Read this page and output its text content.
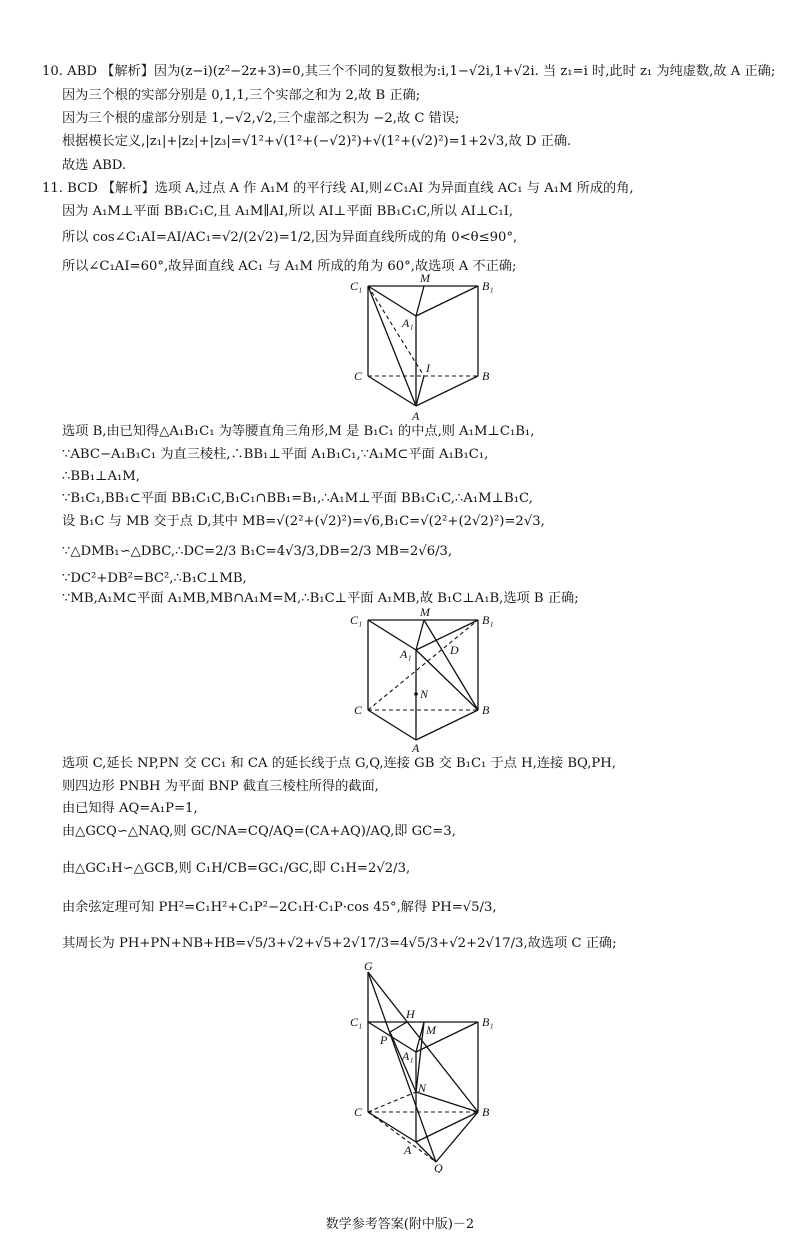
10. ABD 【解析】因为(z−i)(z²−2z+3)=0,其三个不同的复数根为:i,1−√2i,1+√2i. 当 z₁=i 时,此时 z₁ 为纯虚数,故 A 正确;
因为三个根的实部分别是 0,1,1,三个实部之和为 2,故 B 正确;
因为三个根的虚部分别是 1,−√2,√2,三个虚部之积为 −2,故 C 错误;
根据模长定义,|z₁|+|z₂|+|z₃|=√1²+√(1²+(−√2)²)+√(1²+(√2)²)=1+2√3,故 D 正确.
故选 ABD.
11. BCD 【解析】选项 A,过点 A 作 A₁M 的平行线 AI,则∠C₁AI 为异面直线 AC₁ 与 A₁M 所成的角,
因为 A₁M⊥平面 BB₁C₁C,且 A₁M∥AI,所以 AI⊥平面 BB₁C₁C,所以 AI⊥C₁I,
所以 cos∠C₁AI=AI/AC₁=√2/(2√2)=1/2,因为异面直线所成的角 0<θ≤90°,
所以∠C₁AI=60°,故异面直线 AC₁ 与 A₁M 所成的角为 60°,故选项 A 不正确;
C₁
M
B₁
A₁
I
C	B
A
选项 B,由已知得△A₁B₁C₁ 为等腰直角三角形,M 是 B₁C₁ 的中点,则 A₁M⊥C₁B₁,
∵ABC−A₁B₁C₁ 为直三棱柱,∴BB₁⊥平面 A₁B₁C₁,∵A₁M⊂平面 A₁B₁C₁,
∴BB₁⊥A₁M,
∵B₁C₁,BB₁⊂平面 BB₁C₁C,B₁C₁∩BB₁=B₁,∴A₁M⊥平面 BB₁C₁C,∴A₁M⊥B₁C,
设 B₁C 与 MB 交于点 D,其中 MB=√(2²+(√2)²)=√6,B₁C=√(2²+(2√2)²)=2√3,
∵△DMB₁∽△DBC,∴DC=2/3 B₁C=4√3/3,DB=2/3 MB=2√6/3,
∵DC²+DB²=BC²,∴B₁C⊥MB,
∵MB,A₁M⊂平面 A₁MB,MB∩A₁M=M,∴B₁C⊥平面 A₁MB,故 B₁C⊥A₁B,选项 B 正确;
C₁
M
B₁
A₁	D
N
C	B
A
选项 C,延长 NP,PN 交 CC₁ 和 CA 的延长线于点 G,Q,连接 GB 交 B₁C₁ 于点 H,连接 BQ,PH,
则四边形 PNBH 为平面 BNP 截直三棱柱所得的截面,
由已知得 AQ=A₁P=1,
由△GCQ∽△NAQ,则 GC/NA=CQ/AQ=(CA+AQ)/AQ,即 GC=3,
由△GC₁H∽△GCB,则 C₁H/CB=GC₁/GC,即 C₁H=2√2/3,
由余弦定理可知 PH²=C₁H²+C₁P²−2C₁H·C₁P·cos 45°,解得 PH=√5/3,
其周长为 PH+PN+NB+HB=√5/3+√2+√5+2√17/3=4√5/3+√2+2√17/3,故选项 C 正确;
G
C₁
H
M
B₁
P
A₁
N
C	B
A
Q
数学参考答案(附中版)－2
